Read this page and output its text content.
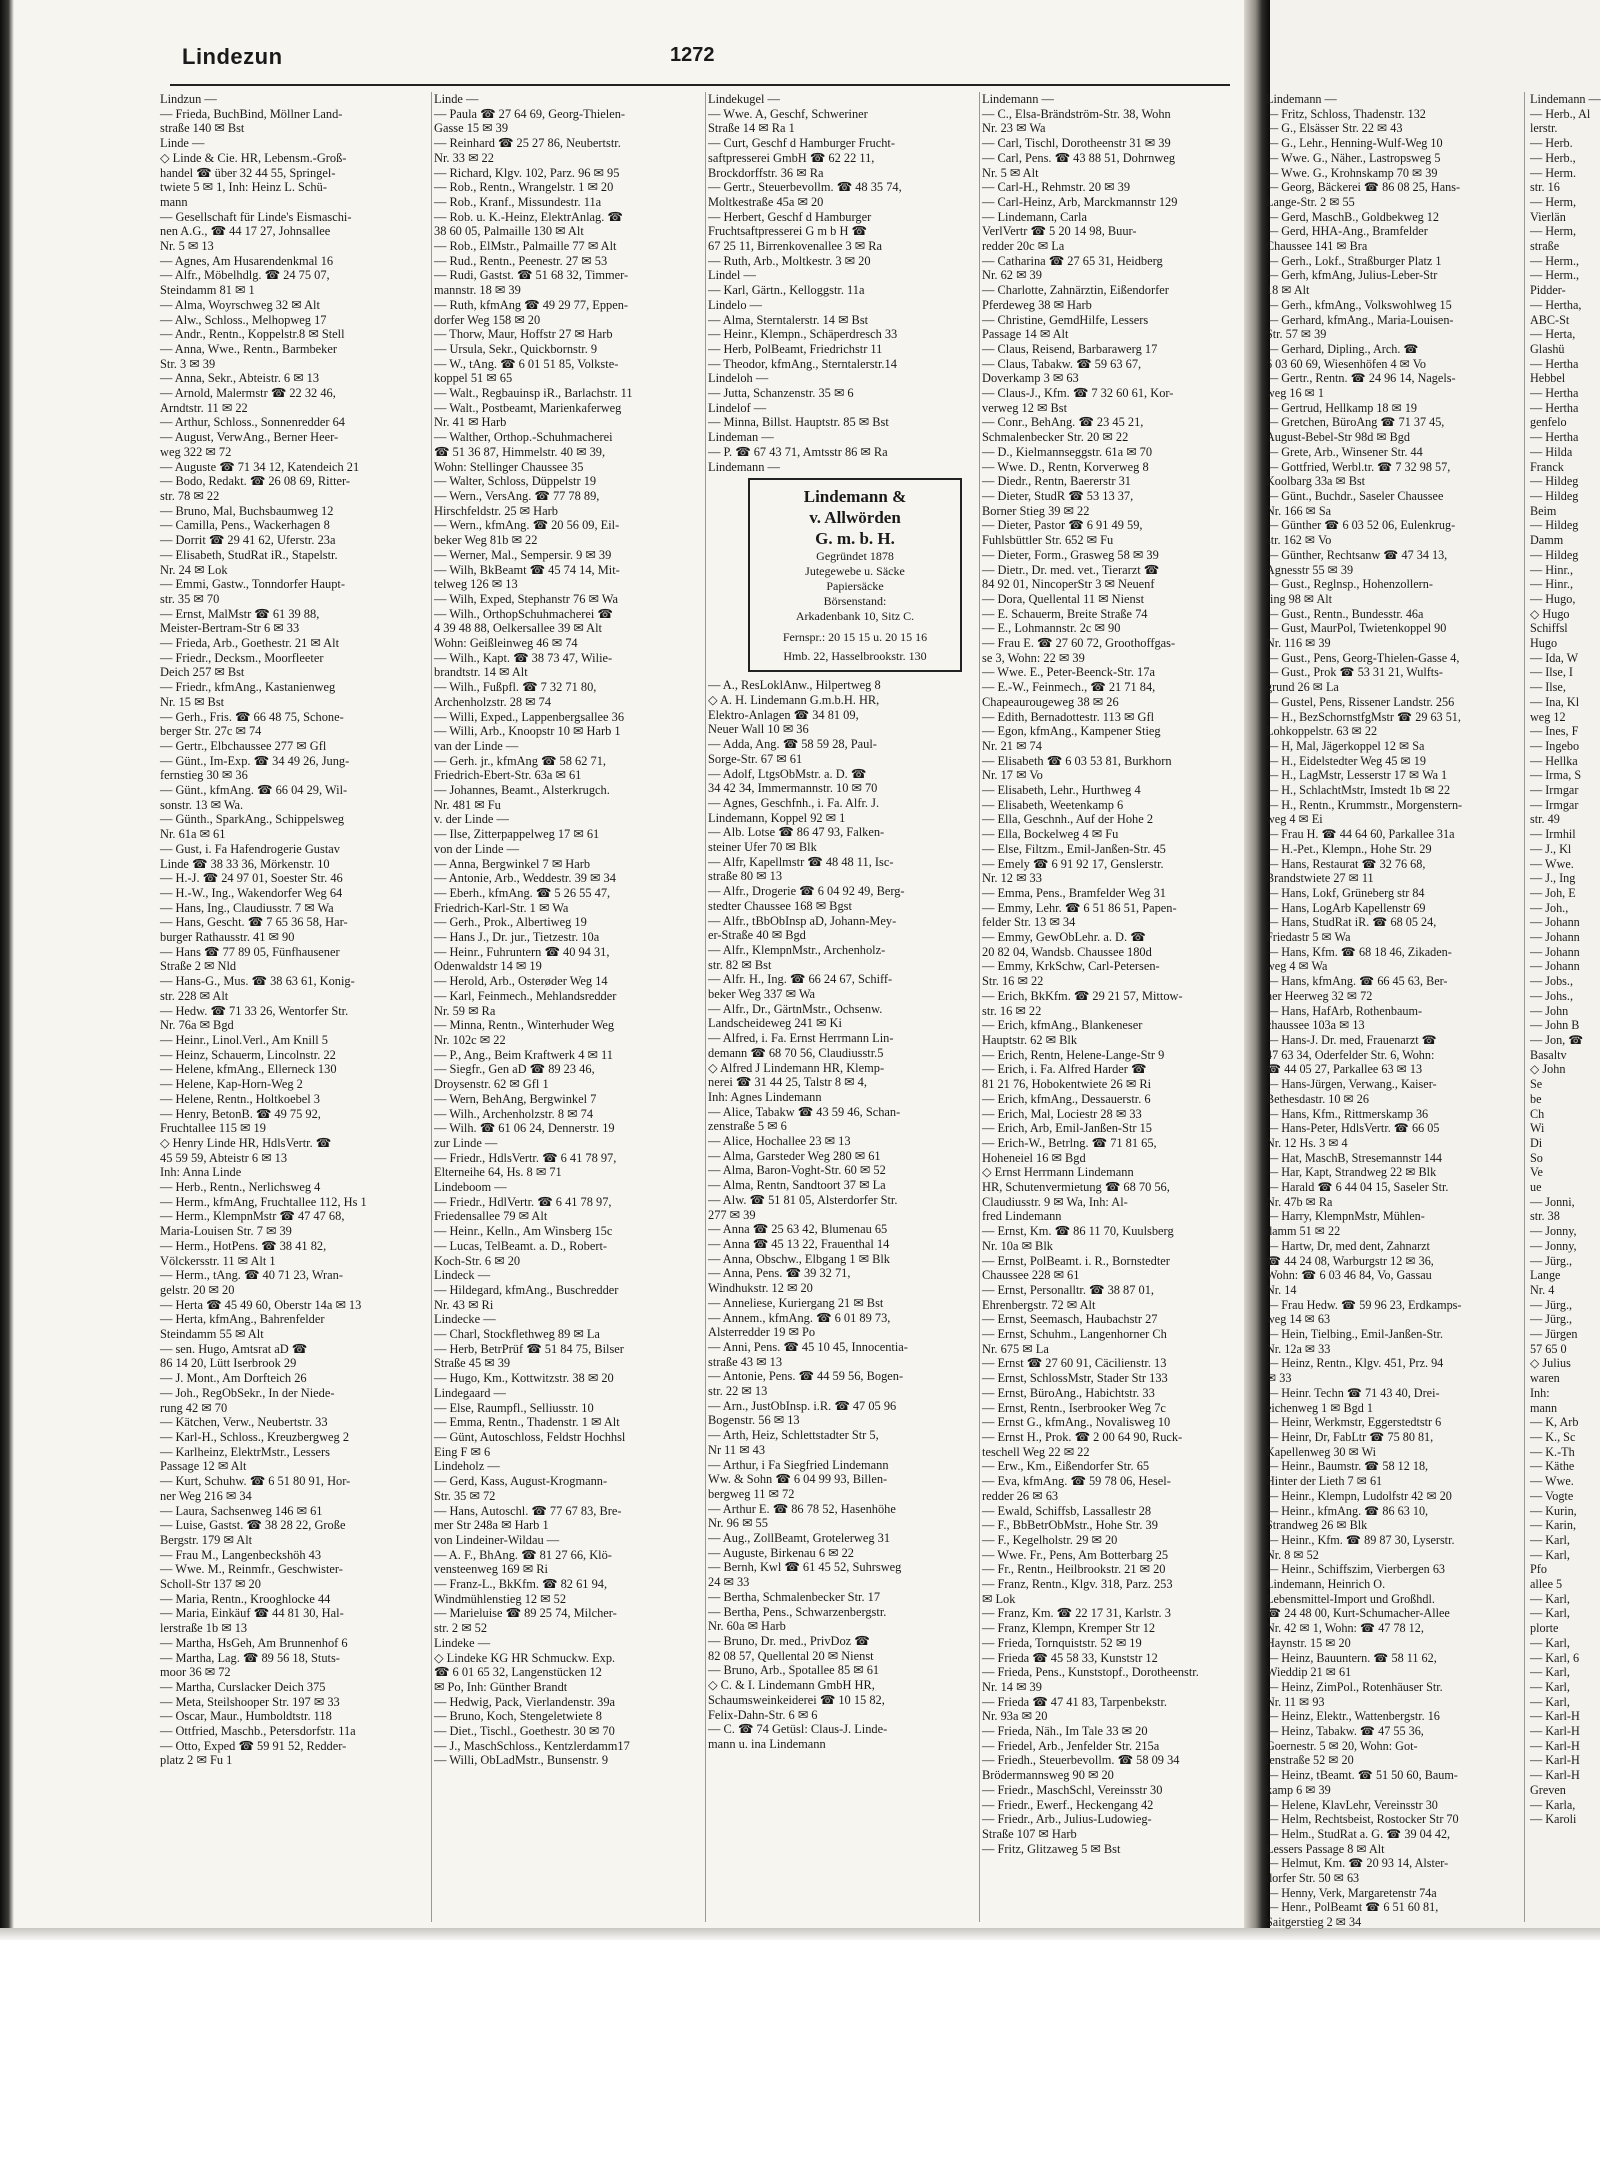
Lindezun	1272
Lindzun —
— Frieda, BuchBind, Möllner Land-
straße 140 ✉ Bst
Linde —
◇ Linde & Cie. HR, Lebensm.-Groß-
handel ☎ über 32 44 55, Springel-
twiete 5 ✉ 1, Inh: Heinz L. Schü-
mann
— Gesellschaft für Linde's Eismaschi-
nen A.G., ☎ 44 17 27, Johnsallee
Nr. 5 ✉ 13
— Agnes, Am Husarendenkmal 16
— Alfr., Möbelhdlg. ☎ 24 75 07,
Steindamm 81 ✉ 1
— Alma, Woyrschweg 32 ✉ Alt
— Alw., Schloss., Melhopweg 17
— Andr., Rentn., Koppelstr.8 ✉ Stell
— Anna, Wwe., Rentn., Barmbeker
Str. 3 ✉ 39
— Anna, Sekr., Abteistr. 6 ✉ 13
— Arnold, Malermstr ☎ 22 32 46,
Arndtstr. 11 ✉ 22
— Arthur, Schloss., Sonnenredder 64
— August, VerwAng., Berner Heer-
weg 322 ✉ 72
— Auguste ☎ 71 34 12, Katendeich 21
— Bodo, Redakt. ☎ 26 08 69, Ritter-
str. 78 ✉ 22
— Bruno, Mal, Buchsbaumweg 12
— Camilla, Pens., Wackerhagen 8
— Dorrit ☎ 29 41 62, Uferstr. 23a
— Elisabeth, StudRat iR., Stapelstr.
Nr. 24 ✉ Lok
— Emmi, Gastw., Tonndorfer Haupt-
str. 35 ✉ 70
— Ernst, MalMstr ☎ 61 39 88,
Meister-Bertram-Str 6 ✉ 33
— Frieda, Arb., Goethestr. 21 ✉ Alt
— Friedr., Decksm., Moorfleeter
Deich 257 ✉ Bst
— Friedr., kfmAng., Kastanienweg
Nr. 15 ✉ Bst
— Gerh., Fris. ☎ 66 48 75, Schone-
berger Str. 27c ✉ 74
— Gertr., Elbchaussee 277 ✉ Gfl
— Günt., Im-Exp. ☎ 34 49 26, Jung-
fernstieg 30 ✉ 36
— Günt., kfmAng. ☎ 66 04 29, Wil-
sonstr. 13 ✉ Wa.
— Günth., SparkAng., Schippelsweg
Nr. 61a ✉ 61
— Gust, i. Fa Hafendrogerie Gustav
Linde ☎ 38 33 36, Mörkenstr. 10
— H.-J. ☎ 24 97 01, Soester Str. 46
— H.-W., Ing., Wakendorfer Weg 64
— Hans, Ing., Claudiusstr. 7 ✉ Wa
— Hans, Gescht. ☎ 7 65 36 58, Har-
burger Rathausstr. 41 ✉ 90
— Hans ☎ 77 89 05, Fünfhausener
Straße 2 ✉ Nld
— Hans-G., Mus. ☎ 38 63 61, Konig-
str. 228 ✉ Alt
— Hedw. ☎ 71 33 26, Wentorfer Str.
Nr. 76a ✉ Bgd
— Heinr., Linol.Verl., Am Knill 5
— Heinz, Schauerm, Lincolnstr. 22
— Helene, kfmAng., Ellerneck 130
— Helene, Kap-Horn-Weg 2
— Helene, Rentn., Holtkoebel 3
— Henry, BetonB. ☎ 49 75 92,
Fruchtallee 115 ✉ 19
◇ Henry Linde HR, HdlsVertr. ☎
45 59 59, Abteistr 6 ✉ 13
Inh: Anna Linde
— Herb., Rentn., Nerlichsweg 4
— Herm., kfmAng, Fruchtallee 112, Hs 1
— Herm., KlempnMstr ☎ 47 47 68,
Maria-Louisen Str. 7 ✉ 39
— Herm., HotPens. ☎ 38 41 82,
Völckersstr. 11 ✉ Alt 1
— Herm., tAng. ☎ 40 71 23, Wran-
gelstr. 20 ✉ 20
— Herta ☎ 45 49 60, Oberstr 14a ✉ 13
— Herta, kfmAng., Bahrenfelder
Steindamm 55 ✉ Alt
— sen. Hugo, Amtsrat aD ☎
86 14 20, Lütt Iserbrook 29
— J. Mont., Am Dorfteich 26
— Joh., RegObSekr., In der Niede-
rung 42 ✉ 70
— Kätchen, Verw., Neubertstr. 33
— Karl-H., Schloss., Kreuzbergweg 2
— Karlheinz, ElektrMstr., Lessers
Passage 12 ✉ Alt
— Kurt, Schuhw. ☎ 6 51 80 91, Hor-
ner Weg 216 ✉ 34
— Laura, Sachsenweg 146 ✉ 61
— Luise, Gastst. ☎ 38 28 22, Große
Bergstr. 179 ✉ Alt
— Frau M., Langenbeckshöh 43
— Wwe. M., Reinmfr., Geschwister-
Scholl-Str 137 ✉ 20
— Maria, Rentn., Krooghlocke 44
— Maria, Einkäuf ☎ 44 81 30, Hal-
lerstraße 1b ✉ 13
— Martha, HsGeh, Am Brunnenhof 6
— Martha, Lag. ☎ 89 56 18, Stuts-
moor 36 ✉ 72
— Martha, Curslacker Deich 375
— Meta, Steilshooper Str. 197 ✉ 33
— Oscar, Maur., Humboldtstr. 118
— Ottfried, Maschb., Petersdorfstr. 11a
— Otto, Exped ☎ 59 91 52, Redder-
platz 2 ✉ Fu 1
Linde —
— Paula ☎ 27 64 69, Georg-Thielen-
Gasse 15 ✉ 39
— Reinhard ☎ 25 27 86, Neubertstr.
Nr. 33 ✉ 22
— Richard, Klgv. 102, Parz. 96 ✉ 95
— Rob., Rentn., Wrangelstr. 1 ✉ 20
— Rob., Kranf., Missundestr. 11a
— Rob. u. K.-Heinz, ElektrAnlag. ☎
38 60 05, Palmaille 130 ✉ Alt
— Rob., ElMstr., Palmaille 77 ✉ Alt
— Rud., Rentn., Peenestr. 27 ✉ 53
— Rudi, Gastst. ☎ 51 68 32, Timmer-
mannstr. 18 ✉ 39
— Ruth, kfmAng ☎ 49 29 77, Eppen-
dorfer Weg 158 ✉ 20
— Thorw, Maur, Hoffstr 27 ✉ Harb
— Ursula, Sekr., Quickbornstr. 9
— W., tAng. ☎ 6 01 51 85, Volkste-
koppel 51 ✉ 65
— Walt., Regbauinsp iR., Barlachstr. 11
— Walt., Postbeamt, Marienkaferweg
Nr. 41 ✉ Harb
— Walther, Orthop.-Schuhmacherei
☎ 51 36 87, Himmelstr. 40 ✉ 39,
Wohn: Stellinger Chaussee 35
— Walter, Schloss, Düppelstr 19
— Wern., VersAng. ☎ 77 78 89,
Hirschfeldstr. 25 ✉ Harb
— Wern., kfmAng. ☎ 20 56 09, Eil-
beker Weg 81b ✉ 22
— Werner, Mal., Sempersir. 9 ✉ 39
— Wilh, BkBeamt ☎ 45 74 14, Mit-
telweg 126 ✉ 13
— Wilh, Exped, Stephanstr 76 ✉ Wa
— Wilh., OrthopSchuhmacherei ☎
4 39 48 88, Oelkersallee 39 ✉ Alt
Wohn: Geißleinweg 46 ✉ 74
— Wilh., Kapt. ☎ 38 73 47, Wilie-
brandtstr. 14 ✉ Alt
— Wilh., Fußpfl. ☎ 7 32 71 80,
Archenholzstr. 28 ✉ 74
— Willi, Exped., Lappenbergsallee 36
— Willi, Arb., Knoopstr 10 ✉ Harb 1
van der Linde —
— Gerh. jr., kfmAng ☎ 58 62 71,
Friedrich-Ebert-Str. 63a ✉ 61
— Johannes, Beamt., Alsterkrugch.
Nr. 481 ✉ Fu
v. der Linde —
— Ilse, Zitterpappelweg 17 ✉ 61
von der Linde —
— Anna, Bergwinkel 7 ✉ Harb
— Antonie, Arb., Weddestr. 39 ✉ 34
— Eberh., kfmAng. ☎ 5 26 55 47,
Friedrich-Karl-Str. 1 ✉ Wa
— Gerh., Prok., Albertiweg 19
— Hans J., Dr. jur., Tietzestr. 10a
— Heinr., Fuhruntern ☎ 40 94 31,
Odenwaldstr 14 ✉ 19
— Herold, Arb., Osterøder Weg 14
— Karl, Feinmech., Mehlandsredder
Nr. 59 ✉ Ra
— Minna, Rentn., Winterhuder Weg
Nr. 102c ✉ 22
— P., Ang., Beim Kraftwerk 4 ✉ 11
— Siegfr., Gen aD ☎ 89 23 46,
Droysenstr. 62 ✉ Gfl 1
— Wern, BehAng, Bergwinkel 7
— Wilh., Archenholzstr. 8 ✉ 74
— Wilh. ☎ 61 06 24, Dennerstr. 19
zur Linde —
— Friedr., HdlsVertr. ☎ 6 41 78 97,
Elterneihe 64, Hs. 8 ✉ 71
Lindeboom —
— Friedr., HdlVertr. ☎ 6 41 78 97,
Friedensallee 79 ✉ Alt
— Heinr., Kelln., Am Winsberg 15c
— Lucas, TelBeamt. a. D., Robert-
Koch-Str. 6 ✉ 20
Lindeck —
— Hildegard, kfmAng., Buschredder
Nr. 43 ✉ Ri
Lindecke —
— Charl, Stockflethweg 89 ✉ La
— Herb, BetrPrüf ☎ 51 84 75, Bilser
Straße 45 ✉ 39
— Hugo, Km., Kottwitzstr. 38 ✉ 20
Lindegaard —
— Else, Raumpfl., Selliusstr. 10
— Emma, Rentn., Thadenstr. 1 ✉ Alt
— Günt, Autoschloss, Feldstr Hochhsl
Eing F ✉ 6
Lindeholz —
— Gerd, Kass, August-Krogmann-
Str. 35 ✉ 72
— Hans, Autoschl. ☎ 77 67 83, Bre-
mer Str 248a ✉ Harb 1
von Lindeiner-Wildau —
— A. F., BhAng. ☎ 81 27 66, Klö-
vensteenweg 169 ✉ Ri
— Franz-L., BkKfm. ☎ 82 61 94,
Windmühlenstieg 12 ✉ 52
— Marieluise ☎ 89 25 74, Milcher-
str. 2 ✉ 52
Lindeke —
◇ Lindeke KG HR Schmuckw. Exp.
☎ 6 01 65 32, Langenstücken 12
✉ Po, Inh: Günther Brandt
— Hedwig, Pack, Vierlandenstr. 39a
— Bruno, Koch, Stengeletwiete 8
— Diet., Tischl., Goethestr. 30 ✉ 70
— J., MaschSchloss., Kentzlerdamm17
— Willi, ObLadMstr., Bunsenstr. 9
Lindekugel —
— Wwe. A, Geschf, Schweriner
Straße 14 ✉ Ra 1
— Curt, Geschf d Hamburger Frucht-
saftpresserei GmbH ☎ 62 22 11,
Brockdorffstr. 36 ✉ Ra
— Gertr., Steuerbevollm. ☎ 48 35 74,
Moltkestraße 45a ✉ 20
— Herbert, Geschf d Hamburger
Fruchtsaftpresserei G m b H ☎
67 25 11, Birrenkovenallee 3 ✉ Ra
— Ruth, Arb., Moltkestr. 3 ✉ 20
Lindel —
— Karl, Gärtn., Kelloggstr. 11a
Lindelo —
— Alma, Sterntalerstr. 14 ✉ Bst
— Heinr., Klempn., Schäperdresch 33
— Herb, PolBeamt, Friedrichstr 11
— Theodor, kfmAng., Sterntalerstr.14
Lindeloh —
— Jutta, Schanzenstr. 35 ✉ 6
Lindelof —
— Minna, Billst. Hauptstr. 85 ✉ Bst
Lindeman —
— P. ☎ 67 43 71, Amtsstr 86 ✉ Ra
Lindemann —
Lindemann &
v. Allwörden
G. m. b. H.
Gegründet 1878
Jutegewebe u. Säcke
Papiersäcke
Börsenstand:
Arkadenbank 10, Sitz C.
Fernspr.: 20 15 15 u. 20 15 16
Hmb. 22, Hasselbrookstr. 130
— A., ResLoklAnw., Hilpertweg 8
◇ A. H. Lindemann G.m.b.H. HR,
Elektro-Anlagen ☎ 34 81 09,
Neuer Wall 10 ✉ 36
— Adda, Ang. ☎ 58 59 28, Paul-
Sorge-Str. 67 ✉ 61
— Adolf, LtgsObMstr. a. D. ☎
34 42 34, Immermannstr. 10 ✉ 70
— Agnes, Geschfnh., i. Fa. Alfr. J.
Lindemann, Koppel 92 ✉ 1
— Alb. Lotse ☎ 86 47 93, Falken-
steiner Ufer 70 ✉ Blk
— Alfr, Kapellmstr ☎ 48 48 11, Isc-
straße 80 ✉ 13
— Alfr., Drogerie ☎ 6 04 92 49, Berg-
stedter Chaussee 168 ✉ Bgst
— Alfr., tBbObInsp aD, Johann-Mey-
er-Straße 40 ✉ Bgd
— Alfr., KlempnMstr., Archenholz-
str. 82 ✉ Bst
— Alfr. H., Ing. ☎ 66 24 67, Schiff-
beker Weg 337 ✉ Wa
— Alfr., Dr., GärtnMstr., Ochsenw.
Landscheideweg 241 ✉ Ki
— Alfred, i. Fa. Ernst Herrmann Lin-
demann ☎ 68 70 56, Claudiusstr.5
◇ Alfred J Lindemann HR, Klemp-
nerei ☎ 31 44 25, Talstr 8 ✉ 4,
Inh: Agnes Lindemann
— Alice, Tabakw ☎ 43 59 46, Schan-
zenstraße 5 ✉ 6
— Alice, Hochallee 23 ✉ 13
— Alma, Garsteder Weg 280 ✉ 61
— Alma, Baron-Voght-Str. 60 ✉ 52
— Alma, Rentn, Sandtoort 37 ✉ La
— Alw. ☎ 51 81 05, Alsterdorfer Str.
277 ✉ 39
— Anna ☎ 25 63 42, Blumenau 65
— Anna ☎ 45 13 22, Frauenthal 14
— Anna, Obschw., Elbgang 1 ✉ Blk
— Anna, Pens. ☎ 39 32 71,
Windhukstr. 12 ✉ 20
— Anneliese, Kuriergang 21 ✉ Bst
— Annem., kfmAng. ☎ 6 01 89 73,
Alsterredder 19 ✉ Po
— Anni, Pens. ☎ 45 10 45, Innocentia-
straße 43 ✉ 13
— Antonie, Pens. ☎ 44 59 56, Bogen-
str. 22 ✉ 13
— Arn., JustObInsp. i.R. ☎ 47 05 96
Bogenstr. 56 ✉ 13
— Arth, Heiz, Schlettstadter Str 5,
Nr 11 ✉ 43
— Arthur, i Fa Siegfried Lindemann
Ww. & Sohn ☎ 6 04 99 93, Billen-
bergweg 11 ✉ 72
— Arthur E. ☎ 86 78 52, Hasenhöhe
Nr. 96 ✉ 55
— Aug., ZollBeamt, Grotelerweg 31
— Auguste, Birkenau 6 ✉ 22
— Bernh, Kwl ☎ 61 45 52, Suhrsweg
24 ✉ 33
— Bertha, Schmalenbecker Str. 17
— Bertha, Pens., Schwarzenbergstr.
Nr. 60a ✉ Harb
— Bruno, Dr. med., PrivDoz ☎
82 08 57, Quellental 20 ✉ Nienst
— Bruno, Arb., Spotallee 85 ✉ 61
◇ C. & I. Lindemann GmbH HR,
Schaumsweinkeiderei ☎ 10 15 82,
Felix-Dahn-Str. 6 ✉ 6
— C. ☎ 74 Getüsl: Claus-J. Linde-
mann u. ina Lindemann
Lindemann —
— C., Elsa-Brändström-Str. 38, Wohn
Nr. 23 ✉ Wa
— Carl, Tischl, Dorotheenstr 31 ✉ 39
— Carl, Pens. ☎ 43 88 51, Dohrnweg
Nr. 5 ✉ Alt
— Carl-H., Rehmstr. 20 ✉ 39
— Carl-Heinz, Arb, Marckmannstr 129
— Lindemann, Carla
VerlVertr ☎ 5 20 14 98, Buur-
redder 20c ✉ La
— Catharina ☎ 27 65 31, Heidberg
Nr. 62 ✉ 39
— Charlotte, Zahnärztin, Eißendorfer
Pferdeweg 38 ✉ Harb
— Christine, GemdHilfe, Lessers
Passage 14 ✉ Alt
— Claus, Reisend, Barbarawerg 17
— Claus, Tabakw. ☎ 59 63 67,
Doverkamp 3 ✉ 63
— Claus-J., Kfm. ☎ 7 32 60 61, Kor-
verweg 12 ✉ Bst
— Conr., BehAng. ☎ 23 45 21,
Schmalenbecker Str. 20 ✉ 22
— D., Kielmannseggstr. 61a ✉ 70
— Wwe. D., Rentn, Korverweg 8
— Diedr., Rentn, Baererstr 31
— Dieter, StudR ☎ 53 13 37,
Borner Stieg 39 ✉ 22
— Dieter, Pastor ☎ 6 91 49 59,
Fuhlsbüttler Str. 652 ✉ Fu
— Dieter, Form., Grasweg 58 ✉ 39
— Dietr., Dr. med. vet., Tierarzt ☎
84 92 01, NincoperStr 3 ✉ Neuenf
— Dora, Quellental 11 ✉ Nienst
— E. Schauerm, Breite Straße 74
— E., Lohmannstr. 2c ✉ 90
— Frau E. ☎ 27 60 72, Groothoffgas-
se 3, Wohn: 22 ✉ 39
— Wwe. E., Peter-Beenck-Str. 17a
— E.-W., Feinmech., ☎ 21 71 84,
Chapeaurougeweg 38 ✉ 26
— Edith, Bernadottestr. 113 ✉ Gfl
— Egon, kfmAng., Kampener Stieg
Nr. 21 ✉ 74
— Elisabeth ☎ 6 03 53 81, Burkhorn
Nr. 17 ✉ Vo
— Elisabeth, Lehr., Hurthweg 4
— Elisabeth, Weetenkamp 6
— Ella, Geschnh., Auf der Hohe 2
— Ella, Bockelweg 4 ✉ Fu
— Else, Filtzm., Emil-Janßen-Str. 45
— Emely ☎ 6 91 92 17, Genslerstr.
Nr. 12 ✉ 33
— Emma, Pens., Bramfelder Weg 31
— Emmy, Lehr. ☎ 6 51 86 51, Papen-
felder Str. 13 ✉ 34
— Emmy, GewObLehr. a. D. ☎
20 82 04, Wandsb. Chaussee 180d
— Emmy, KrkSchw, Carl-Petersen-
Str. 16 ✉ 22
— Erich, BkKfm. ☎ 29 21 57, Mittow-
str. 16 ✉ 22
— Erich, kfmAng., Blankeneser
Hauptstr. 62 ✉ Blk
— Erich, Rentn, Helene-Lange-Str 9
— Erich, i. Fa. Alfred Harder ☎
81 21 76, Hobokentwiete 26 ✉ Ri
— Erich, kfmAng., Dessauerstr. 6
— Erich, Mal, Lociestr 28 ✉ 33
— Erich, Arb, Emil-Janßen-Str 15
— Erich-W., Betrlng. ☎ 71 81 65,
Hoheneiel 16 ✉ Bgd
◇ Ernst Herrmann Lindemann
HR, Schutenvermietung ☎ 68 70 56,
Claudiusstr. 9 ✉ Wa, Inh: Al-
fred Lindemann
— Ernst, Km. ☎ 86 11 70, Kuulsberg
Nr. 10a ✉ Blk
— Ernst, PolBeamt. i. R., Bornstedter
Chaussee 228 ✉ 61
— Ernst, Personalltr. ☎ 38 87 01,
Ehrenbergstr. 72 ✉ Alt
— Ernst, Seemasch, Haubachstr 27
— Ernst, Schuhm., Langenhorner Ch
Nr. 675 ✉ La
— Ernst ☎ 27 60 91, Cäcilienstr. 13
— Ernst, SchlossMstr, Stader Str 133
— Ernst, BüroAng., Habichtstr. 33
— Ernst, Rentn., Iserbrooker Weg 7c
— Ernst G., kfmAng., Novalisweg 10
— Ernst H., Prok. ☎ 2 00 64 90, Ruck-
teschell Weg 22 ✉ 22
— Erw., Km., Eißendorfer Str. 65
— Eva, kfmAng. ☎ 59 78 06, Hesel-
redder 26 ✉ 63
— Ewald, Schiffsb, Lassallestr 28
— F., BbBetrObMstr., Hohe Str. 39
— F., Kegelholstr. 29 ✉ 20
— Wwe. Fr., Pens, Am Botterbarg 25
— Fr., Rentn., Heilbrookstr. 21 ✉ 20
— Franz, Rentn., Klgv. 318, Parz. 253
✉ Lok
— Franz, Km. ☎ 22 17 31, Karlstr. 3
— Franz, Klempn, Kremper Str 12
— Frieda, Tornquiststr. 52 ✉ 19
— Frieda ☎ 45 58 33, Kunststr 12
— Frieda, Pens., Kunststopf., Dorotheenstr.
Nr. 14 ✉ 39
— Frieda ☎ 47 41 83, Tarpenbekstr.
Nr. 93a ✉ 20
— Frieda, Näh., Im Tale 33 ✉ 20
— Friedel, Arb., Jenfelder Str. 215a
— Friedh., Steuerbevollm. ☎ 58 09 34
Brödermannsweg 90 ✉ 20
— Friedr., MaschSchl, Vereinsstr 30
— Friedr., Ewerf., Heckengang 42
— Friedr., Arb., Julius-Ludowieg-
Straße 107 ✉ Harb
— Fritz, Glitzaweg 5 ✉ Bst
Lindemann —
— Fritz, Schloss, Thadenstr. 132
— G., Elsässer Str. 22 ✉ 43
— G., Lehr., Henning-Wulf-Weg 10
— Wwe. G., Näher., Lastropsweg 5
— Wwe. G., Krohnskamp 70 ✉ 39
— Georg, Bäckerei ☎ 86 08 25, Hans-
Lange-Str. 2 ✉ 55
— Gerd, MaschB., Goldbekweg 12
— Gerd, HHA-Ang., Bramfelder
Chaussee 141 ✉ Bra
— Gerh., Lokf., Straßburger Platz 1
— Gerh, kfmAng, Julius-Leber-Str
18 ✉ Alt
— Gerh., kfmAng., Volkswohlweg 15
— Gerhard, kfmAng., Maria-Louisen-
Str. 57 ✉ 39
— Gerhard, Dipling., Arch. ☎
6 03 60 69, Wiesenhöfen 4 ✉ Vo
— Gertr., Rentn. ☎ 24 96 14, Nagels-
weg 16 ✉ 1
— Gertrud, Hellkamp 18 ✉ 19
— Gretchen, BüroAng ☎ 71 37 45,
August-Bebel-Str 98d ✉ Bgd
— Grete, Arb., Winsener Str. 44
— Gottfried, Werbl.tr. ☎ 7 32 98 57,
Koolbarg 33a ✉ Bst
— Günt., Buchdr., Saseler Chaussee
Nr. 166 ✉ Sa
— Günther ☎ 6 03 52 06, Eulenkrug-
str. 162 ✉ Vo
— Günther, Rechtsanw ☎ 47 34 13,
Agnesstr 55 ✉ 39
— Gust., Reglnsp., Hohenzollern-
ring 98 ✉ Alt
— Gust., Rentn., Bundesstr. 46a
— Gust, MaurPol, Twietenkoppel 90
Nr. 116 ✉ 39
— Gust., Pens, Georg-Thielen-Gasse 4,
— Gust., Prok ☎ 53 31 21, Wulfts-
grund 26 ✉ La
— Gustel, Pens, Rissener Landstr. 256
— H., BezSchornstfgMstr ☎ 29 63 51,
Lohkoppelstr. 63 ✉ 22
— H, Mal, Jägerkoppel 12 ✉ Sa
— H., Eidelstedter Weg 45 ✉ 19
— H., LagMstr, Lesserstr 17 ✉ Wa 1
— H., SchlachtMstr, Imstedt 1b ✉ 22
— H., Rentn., Krummstr., Morgenstern-
weg 4 ✉ Ei
— Frau H. ☎ 44 64 60, Parkallee 31a
— H.-Pet., Klempn., Hohe Str. 29
— Hans, Restaurat ☎ 32 76 68,
Brandstwiete 27 ✉ 11
— Hans, Lokf, Grüneberg str 84
— Hans, LogArb Kapellenstr 69
— Hans, StudRat iR. ☎ 68 05 24,
Friedastr 5 ✉ Wa
— Hans, Kfm. ☎ 68 18 46, Zikaden-
weg 4 ✉ Wa
— Hans, kfmAng. ☎ 66 45 63, Ber-
ner Heerweg 32 ✉ 72
— Hans, HafArb, Rothenbaum-
chaussee 103a ✉ 13
— Hans-J. Dr. med, Frauenarzt ☎
47 63 34, Oderfelder Str. 6, Wohn:
☎ 44 05 27, Parkallee 63 ✉ 13
— Hans-Jürgen, Verwang., Kaiser-
Bethesdastr. 10 ✉ 26
— Hans, Kfm., Rittmerskamp 36
— Hans-Peter, HdlsVertr. ☎ 66 05
Nr. 12 Hs. 3 ✉ 4
— Hat, MaschB, Stresemannstr 144
— Har, Kapt, Strandweg 22 ✉ Blk
— Harald ☎ 6 44 04 15, Saseler Str.
Nr. 47b ✉ Ra
— Harry, KlempnMstr, Mühlen-
damm 51 ✉ 22
— Hartw, Dr, med dent, Zahnarzt
☎ 44 24 08, Warburgstr 12 ✉ 36,
Wohn: ☎ 6 03 46 84, Vo, Gassau
Nr. 14
— Frau Hedw. ☎ 59 96 23, Erdkamps-
weg 14 ✉ 63
— Hein, Tielbing., Emil-Janßen-Str.
Nr. 12a ✉ 33
— Heinz, Rentn., Klgv. 451, Prz. 94
✉ 33
— Heinr. Techn ☎ 71 43 40, Drei-
eichenweg 1 ✉ Bgd 1
— Heinr, Werkmstr, Eggerstedtstr 6
— Heinr, Dr, FabLtr ☎ 75 80 81,
Kapellenweg 30 ✉ Wi
— Heinr., Baumstr. ☎ 58 12 18,
Hinter der Lieth 7 ✉ 61
— Heinr., Klempn, Ludolfstr 42 ✉ 20
— Heinr., kfmAng. ☎ 86 63 10,
Strandweg 26 ✉ Blk
— Heinr., Kfm. ☎ 89 87 30, Lyserstr.
Nr. 8 ✉ 52
— Heinr., Schiffszim, Vierbergen 63
Lindemann, Heinrich O.
Lebensmittel-Import und Großhdl.
☎ 24 48 00, Kurt-Schumacher-Allee
Nr. 42 ✉ 1, Wohn: ☎ 47 78 12,
Haynstr. 15 ✉ 20
— Heinz, Bauuntern. ☎ 58 11 62,
Wieddip 21 ✉ 61
— Heinz, ZimPol., Rotenhäuser Str.
Nr. 11 ✉ 93
— Heinz, Elektr., Wattenbergstr. 16
— Heinz, Tabakw. ☎ 47 55 36,
Goernestr. 5 ✉ 20, Wohn: Got-
tenstraße 52 ✉ 20
— Heinz, tBeamt. ☎ 51 50 60, Baum-
kamp 6 ✉ 39
— Helene, KlavLehr, Vereinsstr 30
— Helm, Rechtsbeist, Rostocker Str 70
— Helm., StudRat a. G. ☎ 39 04 42,
Lessers Passage 8 ✉ Alt
— Helmut, Km. ☎ 20 93 14, Alster-
dorfer Str. 50 ✉ 63
— Henny, Verk, Margaretenstr 74a
— Henr., PolBeamt ☎ 6 51 60 81,
Saitgerstieg 2 ✉ 34
Lindemann —
— Herb., Al
lerstr.
— Herb.
— Herb.,
— Herm.
str. 16
— Herm,
Vierlän
— Herm,
straße
— Herm.,
— Herm.,
Pidder-
— Hertha,
ABC-St
— Herta,
Glashü
— Hertha
Hebbel
— Hertha
— Hertha
genfelo
— Hertha
— Hilda
Franck
— Hildeg
— Hildeg
Beim
— Hildeg
Damm
— Hildeg
— Hinr.,
— Hinr.,
— Hugo,
◇ Hugo
Schiffsl
Hugo
— Ida, W
— Ilse, I
— Ilse,
— Ina, Kl
weg 12
— Ines, F
— Ingebo
— Hellka
— Irma, S
— Irmgar
— Irmgar
str. 49
— Irmhil
— J., Kl
— Wwe.
— J., Ing
— Joh, E
— Joh.,
— Johann
— Johann
— Johann
— Johann
— Jobs.,
— Johs.,
— John
— John B
— Jon, ☎
Basaltv
◇ John
Se
be
Ch
Wi
Di
So
Ve
ue
— Jonni,
str. 38
— Jonny,
— Jonny,
— Jürg.,
Lange
Nr. 4
— Jürg.,
— Jürg.,
— Jürgen
57 65 0
◇ Julius
waren
Inh:
mann
— K, Arb
— K., Sc
— K.-Th
— Käthe
— Wwe.
— Vogte
— Kurin,
— Karin,
— Karl,
— Karl,
Pfo
allee 5
— Karl,
— Karl,
plorte
— Karl,
— Karl, 6
— Karl,
— Karl,
— Karl,
— Karl-H
— Karl-H
— Karl-H
— Karl-H
— Karl-H
Greven
— Karla,
— Karoli
